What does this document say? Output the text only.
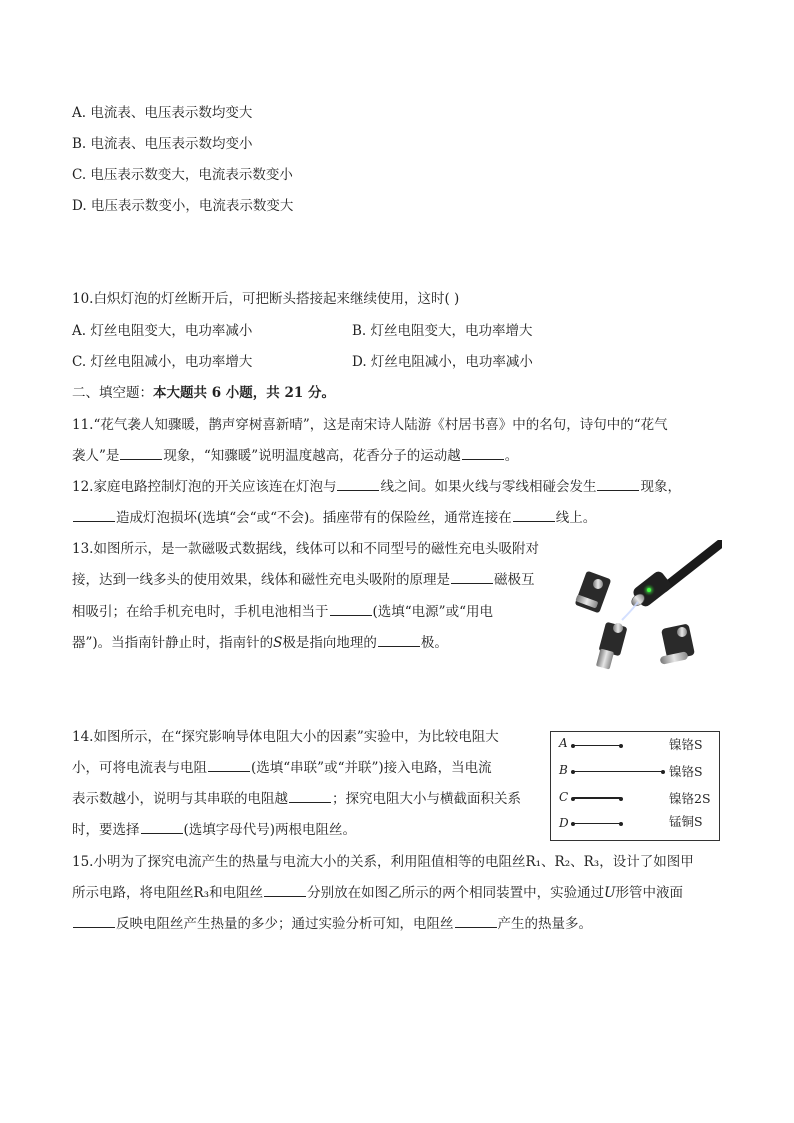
A. 电流表、电压表示数均变大
B. 电流表、电压表示数均变小
C. 电压表示数变大，电流表示数变小
D. 电压表示数变小，电流表示数变大
10.白炽灯泡的灯丝断开后，可把断头搭接起来继续使用，这时( )
A. 灯丝电阻变大，电功率减小	B. 灯丝电阻变大，电功率增大
C. 灯丝电阻减小，电功率增大	D. 灯丝电阻减小，电功率减小
二、填空题：本大题共 6 小题，共 21 分。
11.“花气袭人知骤暖，鹊声穿树喜新晴”，这是南宋诗人陆游《村居书喜》中的名句，诗句中的“花气
袭人”是	现象，“知骤暖”说明温度越高，花香分子的运动越	。
12.家庭电路控制灯泡的开关应该连在灯泡与	线之间。如果火线与零线相碰会发生	现象，
造成灯泡损坏(选填“会“或“不会)。插座带有的保险丝，通常连接在	线上。
13.如图所示，是一款磁吸式数据线，线体可以和不同型号的磁性充电头吸附对
接，达到一线多头的使用效果，线体和磁性充电头吸附的原理是	磁极互
相吸引；在给手机充电时，手机电池相当于	(选填“电源”或“用电
器”)。当指南针静止时，指南针的S极是指向地理的	极。
14.如图所示，在“探究影响导体电阻大小的因素”实验中，为比较电阻大
小，可将电流表与电阻	(选填“串联”或“并联”)接入电路，当电流
表示数越小，说明与其串联的电阻越	；探究电阻大小与横截面积关系
时，要选择	(选填字母代号)两根电阻丝。
A	镍铬S
B	镍铬S
C	镍铬2S
D	锰铜S
15.小明为了探究电流产生的热量与电流大小的关系，利用阻值相等的电阻丝R₁、R₂、R₃，设计了如图甲
所示电路，将电阻丝R₃和电阻丝	分别放在如图乙所示的两个相同装置中，实验通过U形管中液面
反映电阻丝产生热量的多少；通过实验分析可知，电阻丝	产生的热量多。
